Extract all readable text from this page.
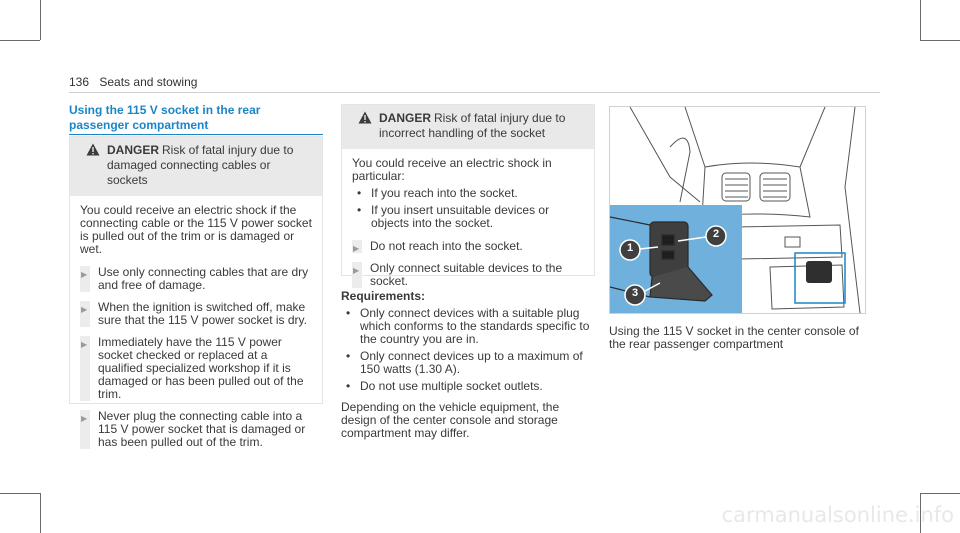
136 Seats and stowing
Using the 115 V socket in the rear passenger compartment
DANGER Risk of fatal injury due to damaged connecting cables or sockets

You could receive an electric shock if the connecting cable or the 115 V power socket is pulled out of the trim or is damaged or wet.

▶ Use only connecting cables that are dry and free of damage.
▶ When the ignition is switched off, make sure that the 115 V power socket is dry.
▶ Immediately have the 115 V power socket checked or replaced at a qualified specialized workshop if it is damaged or has been pulled out of the trim.
▶ Never plug the connecting cable into a 115 V power socket that is damaged or has been pulled out of the trim.
DANGER Risk of fatal injury due to incorrect handling of the socket

You could receive an electric shock in particular:

• If you reach into the socket.
• If you insert unsuitable devices or objects into the socket.
▶ Do not reach into the socket.
▶ Only connect suitable devices to the socket.
Requirements:
• Only connect devices with a suitable plug which conforms to the standards specific to the country you are in.
• Only connect devices up to a maximum of 150 watts (1.30 A).
• Do not use multiple socket outlets.

Depending on the vehicle equipment, the design of the center console and storage compartment may differ.

1
2
3
Using the 115 V socket in the center console of the rear passenger compartment
carmanualsonline.info
